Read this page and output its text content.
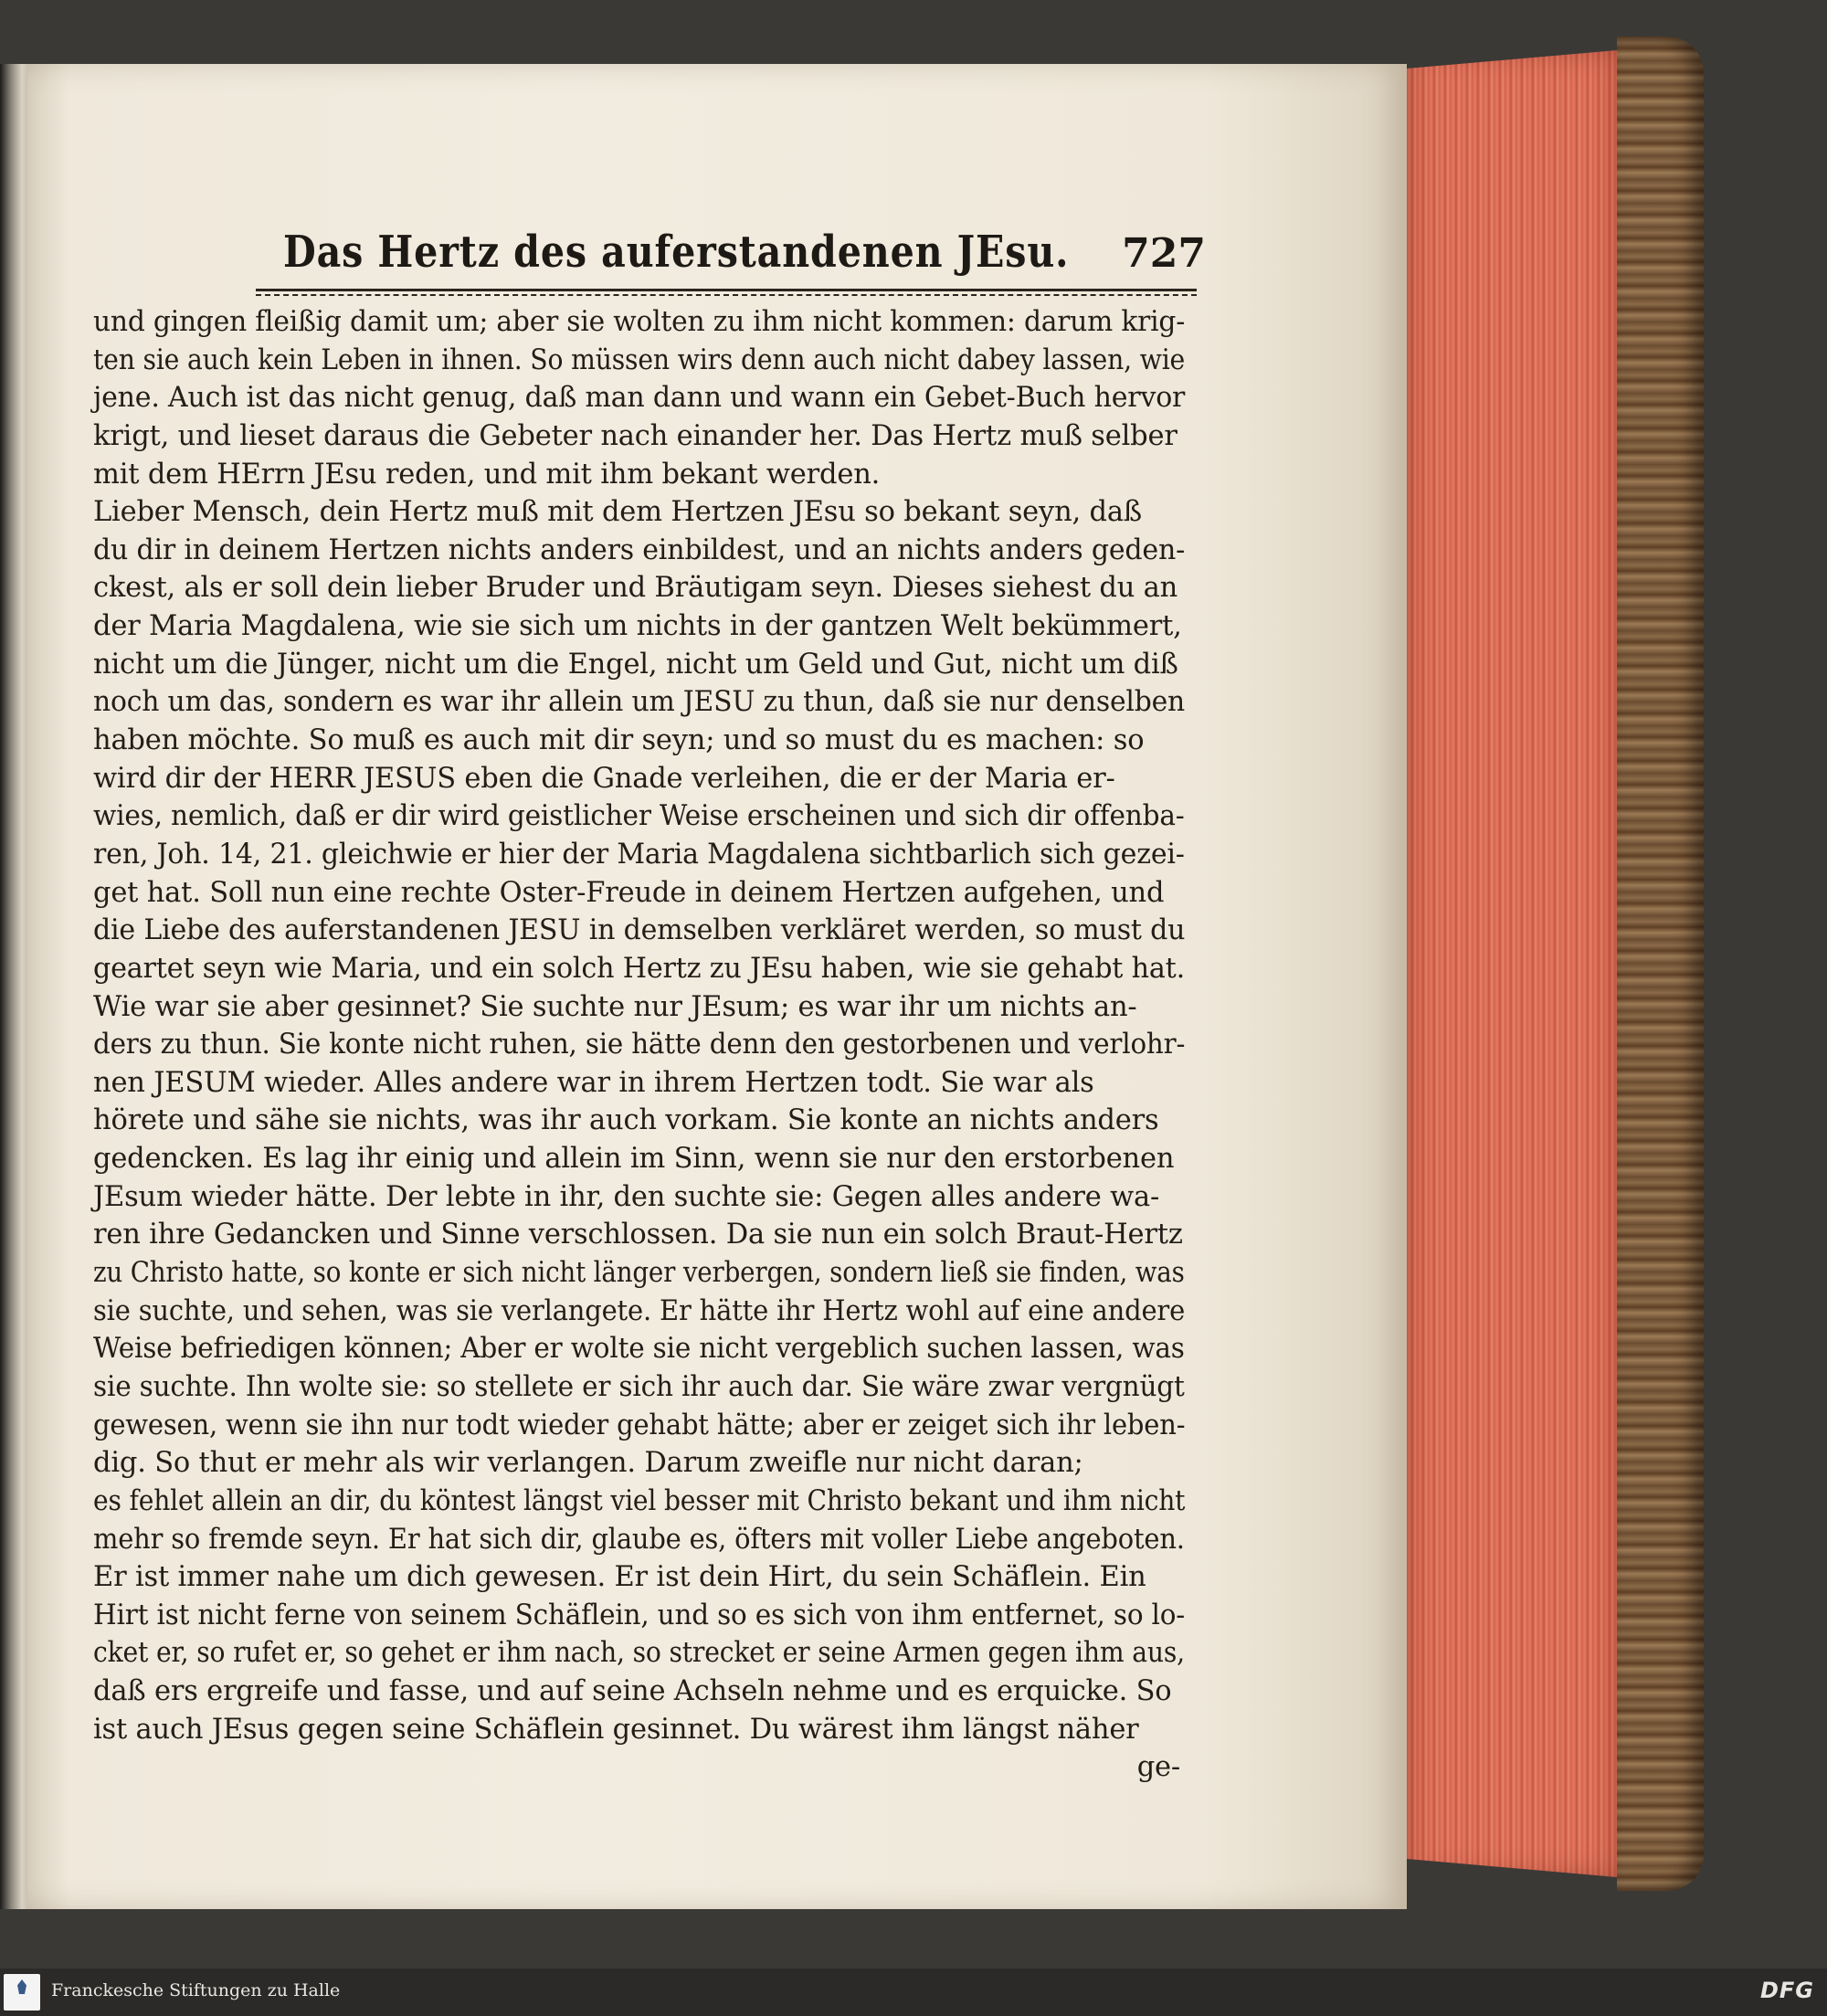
Das Hertz des auferstandenen JEsu. 727
und gingen fleißig damit um; aber sie wolten zu ihm nicht kommen: darum krig-
ten sie auch kein Leben in ihnen. So müssen wirs denn auch nicht dabey lassen, wie
jene. Auch ist das nicht genug, daß man dann und wann ein Gebet-Buch hervor
krigt, und lieset daraus die Gebeter nach einander her. Das Hertz muß selber
mit dem HErrn JEsu reden, und mit ihm bekant werden.
Lieber Mensch, dein Hertz muß mit dem Hertzen JEsu so bekant seyn, daß
du dir in deinem Hertzen nichts anders einbildest, und an nichts anders geden-
ckest, als er soll dein lieber Bruder und Bräutigam seyn. Dieses siehest du an
der Maria Magdalena, wie sie sich um nichts in der gantzen Welt bekümmert,
nicht um die Jünger, nicht um die Engel, nicht um Geld und Gut, nicht um diß
noch um das, sondern es war ihr allein um JESU zu thun, daß sie nur denselben
haben möchte. So muß es auch mit dir seyn; und so must du es machen: so
wird dir der HERR JESUS eben die Gnade verleihen, die er der Maria er-
wies, nemlich, daß er dir wird geistlicher Weise erscheinen und sich dir offenba-
ren, Joh. 14, 21. gleichwie er hier der Maria Magdalena sichtbarlich sich gezei-
get hat. Soll nun eine rechte Oster-Freude in deinem Hertzen aufgehen, und
die Liebe des auferstandenen JESU in demselben verkläret werden, so must du
geartet seyn wie Maria, und ein solch Hertz zu JEsu haben, wie sie gehabt hat.
Wie war sie aber gesinnet? Sie suchte nur JEsum; es war ihr um nichts an-
ders zu thun. Sie konte nicht ruhen, sie hätte denn den gestorbenen und verlohr-
nen JESUM wieder. Alles andere war in ihrem Hertzen todt. Sie war als
hörete und sähe sie nichts, was ihr auch vorkam. Sie konte an nichts anders
gedencken. Es lag ihr einig und allein im Sinn, wenn sie nur den erstorbenen
JEsum wieder hätte. Der lebte in ihr, den suchte sie: Gegen alles andere wa-
ren ihre Gedancken und Sinne verschlossen. Da sie nun ein solch Braut-Hertz
zu Christo hatte, so konte er sich nicht länger verbergen, sondern ließ sie finden, was
sie suchte, und sehen, was sie verlangete. Er hätte ihr Hertz wohl auf eine andere
Weise befriedigen können; Aber er wolte sie nicht vergeblich suchen lassen, was
sie suchte. Ihn wolte sie: so stellete er sich ihr auch dar. Sie wäre zwar vergnügt
gewesen, wenn sie ihn nur todt wieder gehabt hätte; aber er zeiget sich ihr leben-
dig. So thut er mehr als wir verlangen. Darum zweifle nur nicht daran;
es fehlet allein an dir, du köntest längst viel besser mit Christo bekant und ihm nicht
mehr so fremde seyn. Er hat sich dir, glaube es, öfters mit voller Liebe angeboten.
Er ist immer nahe um dich gewesen. Er ist dein Hirt, du sein Schäflein. Ein
Hirt ist nicht ferne von seinem Schäflein, und so es sich von ihm entfernet, so lo-
cket er, so rufet er, so gehet er ihm nach, so strecket er seine Armen gegen ihm aus,
daß ers ergreife und fasse, und auf seine Achseln nehme und es erquicke. So
ist auch JEsus gegen seine Schäflein gesinnet. Du wärest ihm längst näher
ge-
Franckesche Stiftungen zu Halle	DFG
